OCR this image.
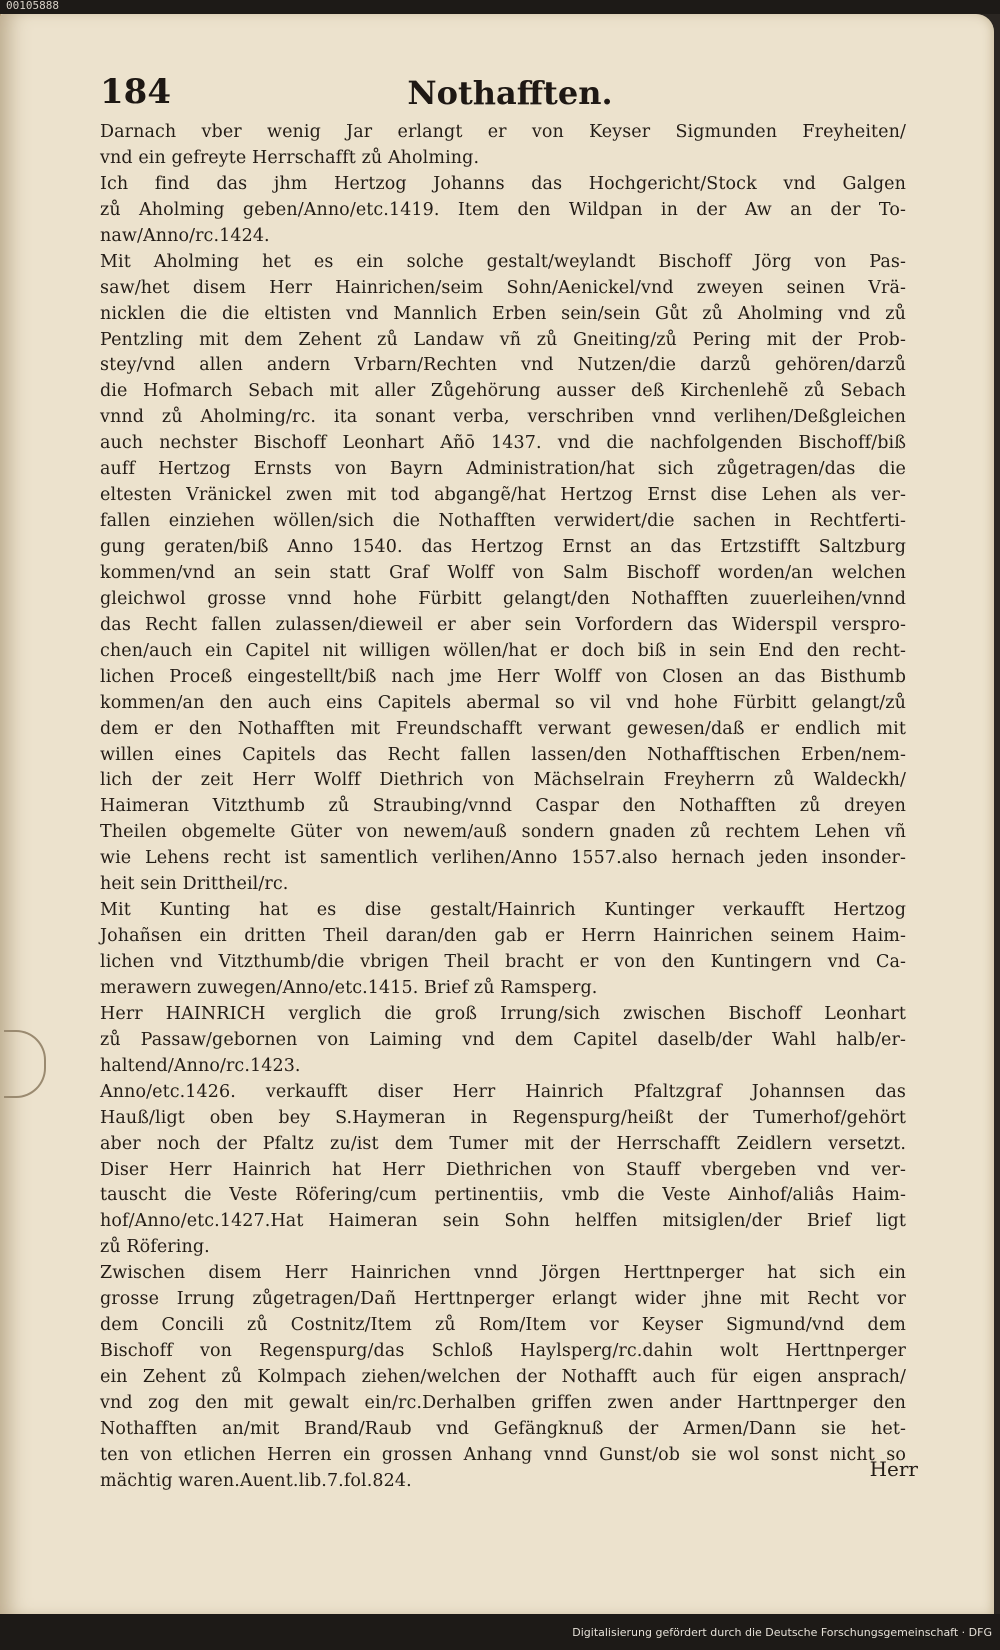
00105888
184	Nothafften.
Darnach vber wenig Jar erlangt er von Keyser Sigmunden Freyheiten/
vnd ein gefreyte Herrschafft zů Aholming.
Ich find das jhm Hertzog Johanns das Hochgericht/Stock vnd Galgen
zů Aholming geben/Anno/etc.1419. Item den Wildpan in der Aw an der To-
naw/Anno/rc.1424.
Mit Aholming het es ein solche gestalt/weylandt Bischoff Jörg von Pas-
saw/het disem Herr Hainrichen/seim Sohn/Aenickel/vnd zweyen seinen Vrä-
nicklen die die eltisten vnd Mannlich Erben sein/sein Gůt zů Aholming vnd zů
Pentzling mit dem Zehent zů Landaw vñ zů Gneiting/zů Pering mit der Prob-
stey/vnd allen andern Vrbarn/Rechten vnd Nutzen/die darzů gehören/darzů
die Hofmarch Sebach mit aller Zůgehörung ausser deß Kirchenlehẽ zů Sebach
vnnd zů Aholming/rc. ita sonant verba, verschriben vnnd verlihen/Deßgleichen
auch nechster Bischoff Leonhart Añō 1437. vnd die nachfolgenden Bischoff/biß
auff Hertzog Ernsts von Bayrn Administration/hat sich zůgetragen/das die
eltesten Vränickel zwen mit tod abgangẽ/hat Hertzog Ernst dise Lehen als ver-
fallen einziehen wöllen/sich die Nothafften verwidert/die sachen in Rechtferti-
gung geraten/biß Anno 1540. das Hertzog Ernst an das Ertzstifft Saltzburg
kommen/vnd an sein statt Graf Wolff von Salm Bischoff worden/an welchen
gleichwol grosse vnnd hohe Fürbitt gelangt/den Nothafften zuuerleihen/vnnd
das Recht fallen zulassen/dieweil er aber sein Vorfordern das Widerspil verspro-
chen/auch ein Capitel nit willigen wöllen/hat er doch biß in sein End den recht-
lichen Proceß eingestellt/biß nach jme Herr Wolff von Closen an das Bisthumb
kommen/an den auch eins Capitels abermal so vil vnd hohe Fürbitt gelangt/zů
dem er den Nothafften mit Freundschafft verwant gewesen/daß er endlich mit
willen eines Capitels das Recht fallen lassen/den Nothafftischen Erben/nem-
lich der zeit Herr Wolff Diethrich von Mächselrain Freyherrn zů Waldeckh/
Haimeran Vitzthumb zů Straubing/vnnd Caspar den Nothafften zů dreyen
Theilen obgemelte Güter von newem/auß sondern gnaden zů rechtem Lehen vñ
wie Lehens recht ist samentlich verlihen/Anno 1557.also hernach jeden insonder-
heit sein Drittheil/rc.
Mit Kunting hat es dise gestalt/Hainrich Kuntinger verkaufft Hertzog
Johañsen ein dritten Theil daran/den gab er Herrn Hainrichen seinem Haim-
lichen vnd Vitzthumb/die vbrigen Theil bracht er von den Kuntingern vnd Ca-
merawern zuwegen/Anno/etc.1415. Brief zů Ramsperg.
Herr HAINRICH verglich die groß Irrung/sich zwischen Bischoff Leonhart
zů Passaw/gebornen von Laiming vnd dem Capitel daselb/der Wahl halb/er-
haltend/Anno/rc.1423.
Anno/etc.1426. verkaufft diser Herr Hainrich Pfaltzgraf Johannsen das
Hauß/ligt oben bey S.Haymeran in Regenspurg/heißt der Tumerhof/gehört
aber noch der Pfaltz zu/ist dem Tumer mit der Herrschafft Zeidlern versetzt.
Diser Herr Hainrich hat Herr Diethrichen von Stauff vbergeben vnd ver-
tauscht die Veste Röfering/cum pertinentiis, vmb die Veste Ainhof/aliâs Haim-
hof/Anno/etc.1427.Hat Haimeran sein Sohn helffen mitsiglen/der Brief ligt
zů Röfering.
Zwischen disem Herr Hainrichen vnnd Jörgen Herttnperger hat sich ein
grosse Irrung zůgetragen/Dañ Herttnperger erlangt wider jhne mit Recht vor
dem Concili zů Costnitz/Item zů Rom/Item vor Keyser Sigmund/vnd dem
Bischoff von Regenspurg/das Schloß Haylsperg/rc.dahin wolt Herttnperger
ein Zehent zů Kolmpach ziehen/welchen der Nothafft auch für eigen ansprach/
vnd zog den mit gewalt ein/rc.Derhalben griffen zwen ander Harttnperger den
Nothafften an/mit Brand/Raub vnd Gefängknuß der Armen/Dann sie het-
ten von etlichen Herren ein grossen Anhang vnnd Gunst/ob sie wol sonst nicht so
mächtig waren.Auent.lib.7.fol.824.	Herr
Digitalisierung gefördert durch die Deutsche Forschungsgemeinschaft · DFG
